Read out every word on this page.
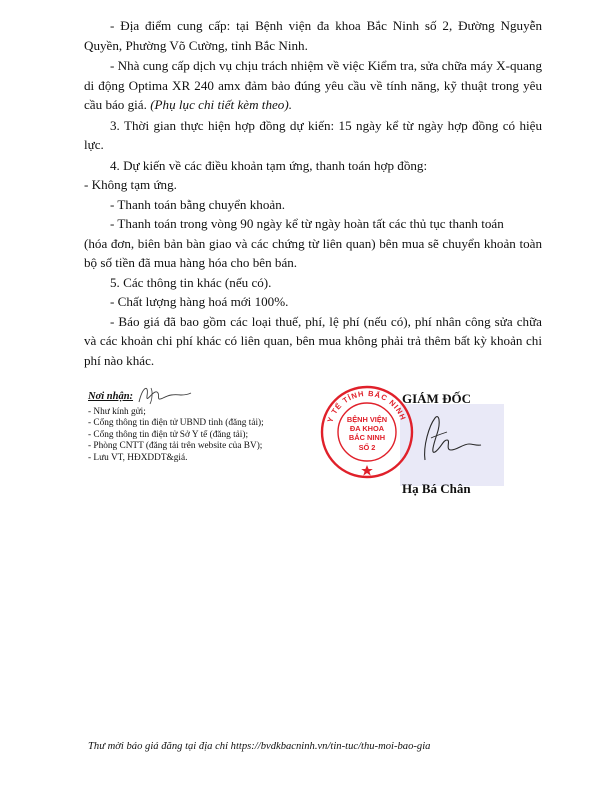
- Địa điểm cung cấp: tại Bệnh viện đa khoa Bắc Ninh số 2, Đường Nguyễn Quyền, Phường Võ Cường, tỉnh Bắc Ninh.

- Nhà cung cấp dịch vụ chịu trách nhiệm về việc Kiểm tra, sửa chữa máy X-quang di động Optima XR 240 amx đảm bảo đúng yêu cầu về tính năng, kỹ thuật trong yêu cầu báo giá. (Phụ lục chi tiết kèm theo).

3. Thời gian thực hiện hợp đồng dự kiến: 15 ngày kể từ ngày hợp đồng có hiệu lực.

4. Dự kiến về các điều khoản tạm ứng, thanh toán hợp đồng:

- Không tạm ứng.

- Thanh toán bằng chuyển khoản.

- Thanh toán trong vòng 90 ngày kể từ ngày hoàn tất các thủ tục thanh toán

(hóa đơn, biên bản bàn giao và các chứng từ liên quan) bên mua sẽ chuyển khoản toàn bộ số tiền đã mua hàng hóa cho bên bán.

5. Các thông tin khác (nếu có).

- Chất lượng hàng hoá mới 100%.

- Báo giá đã bao gồm các loại thuế, phí, lệ phí (nếu có), phí nhân công sửa chữa và các khoản chi phí khác có liên quan, bên mua không phải trả thêm bất kỳ khoản chi phí nào khác.

Nơi nhận:
- Như kính gửi;
- Cổng thông tin điện tử UBND tỉnh (đăng tải);
- Cổng thông tin điện tử Sở Y tế (đăng tải);
- Phòng CNTT (đăng tải trên website của BV);
- Lưu VT, HĐXDDT&giá.
GIÁM ĐỐC
Y TẾ TỈNH BẮC NINH
BỆNH VIỆN
ĐA KHOA
BẮC NINH
SỐ 2
Hạ Bá Chân
Thư mời báo giá đăng tại địa chỉ https://bvdkbacninh.vn/tin-tuc/thu-moi-bao-gia
